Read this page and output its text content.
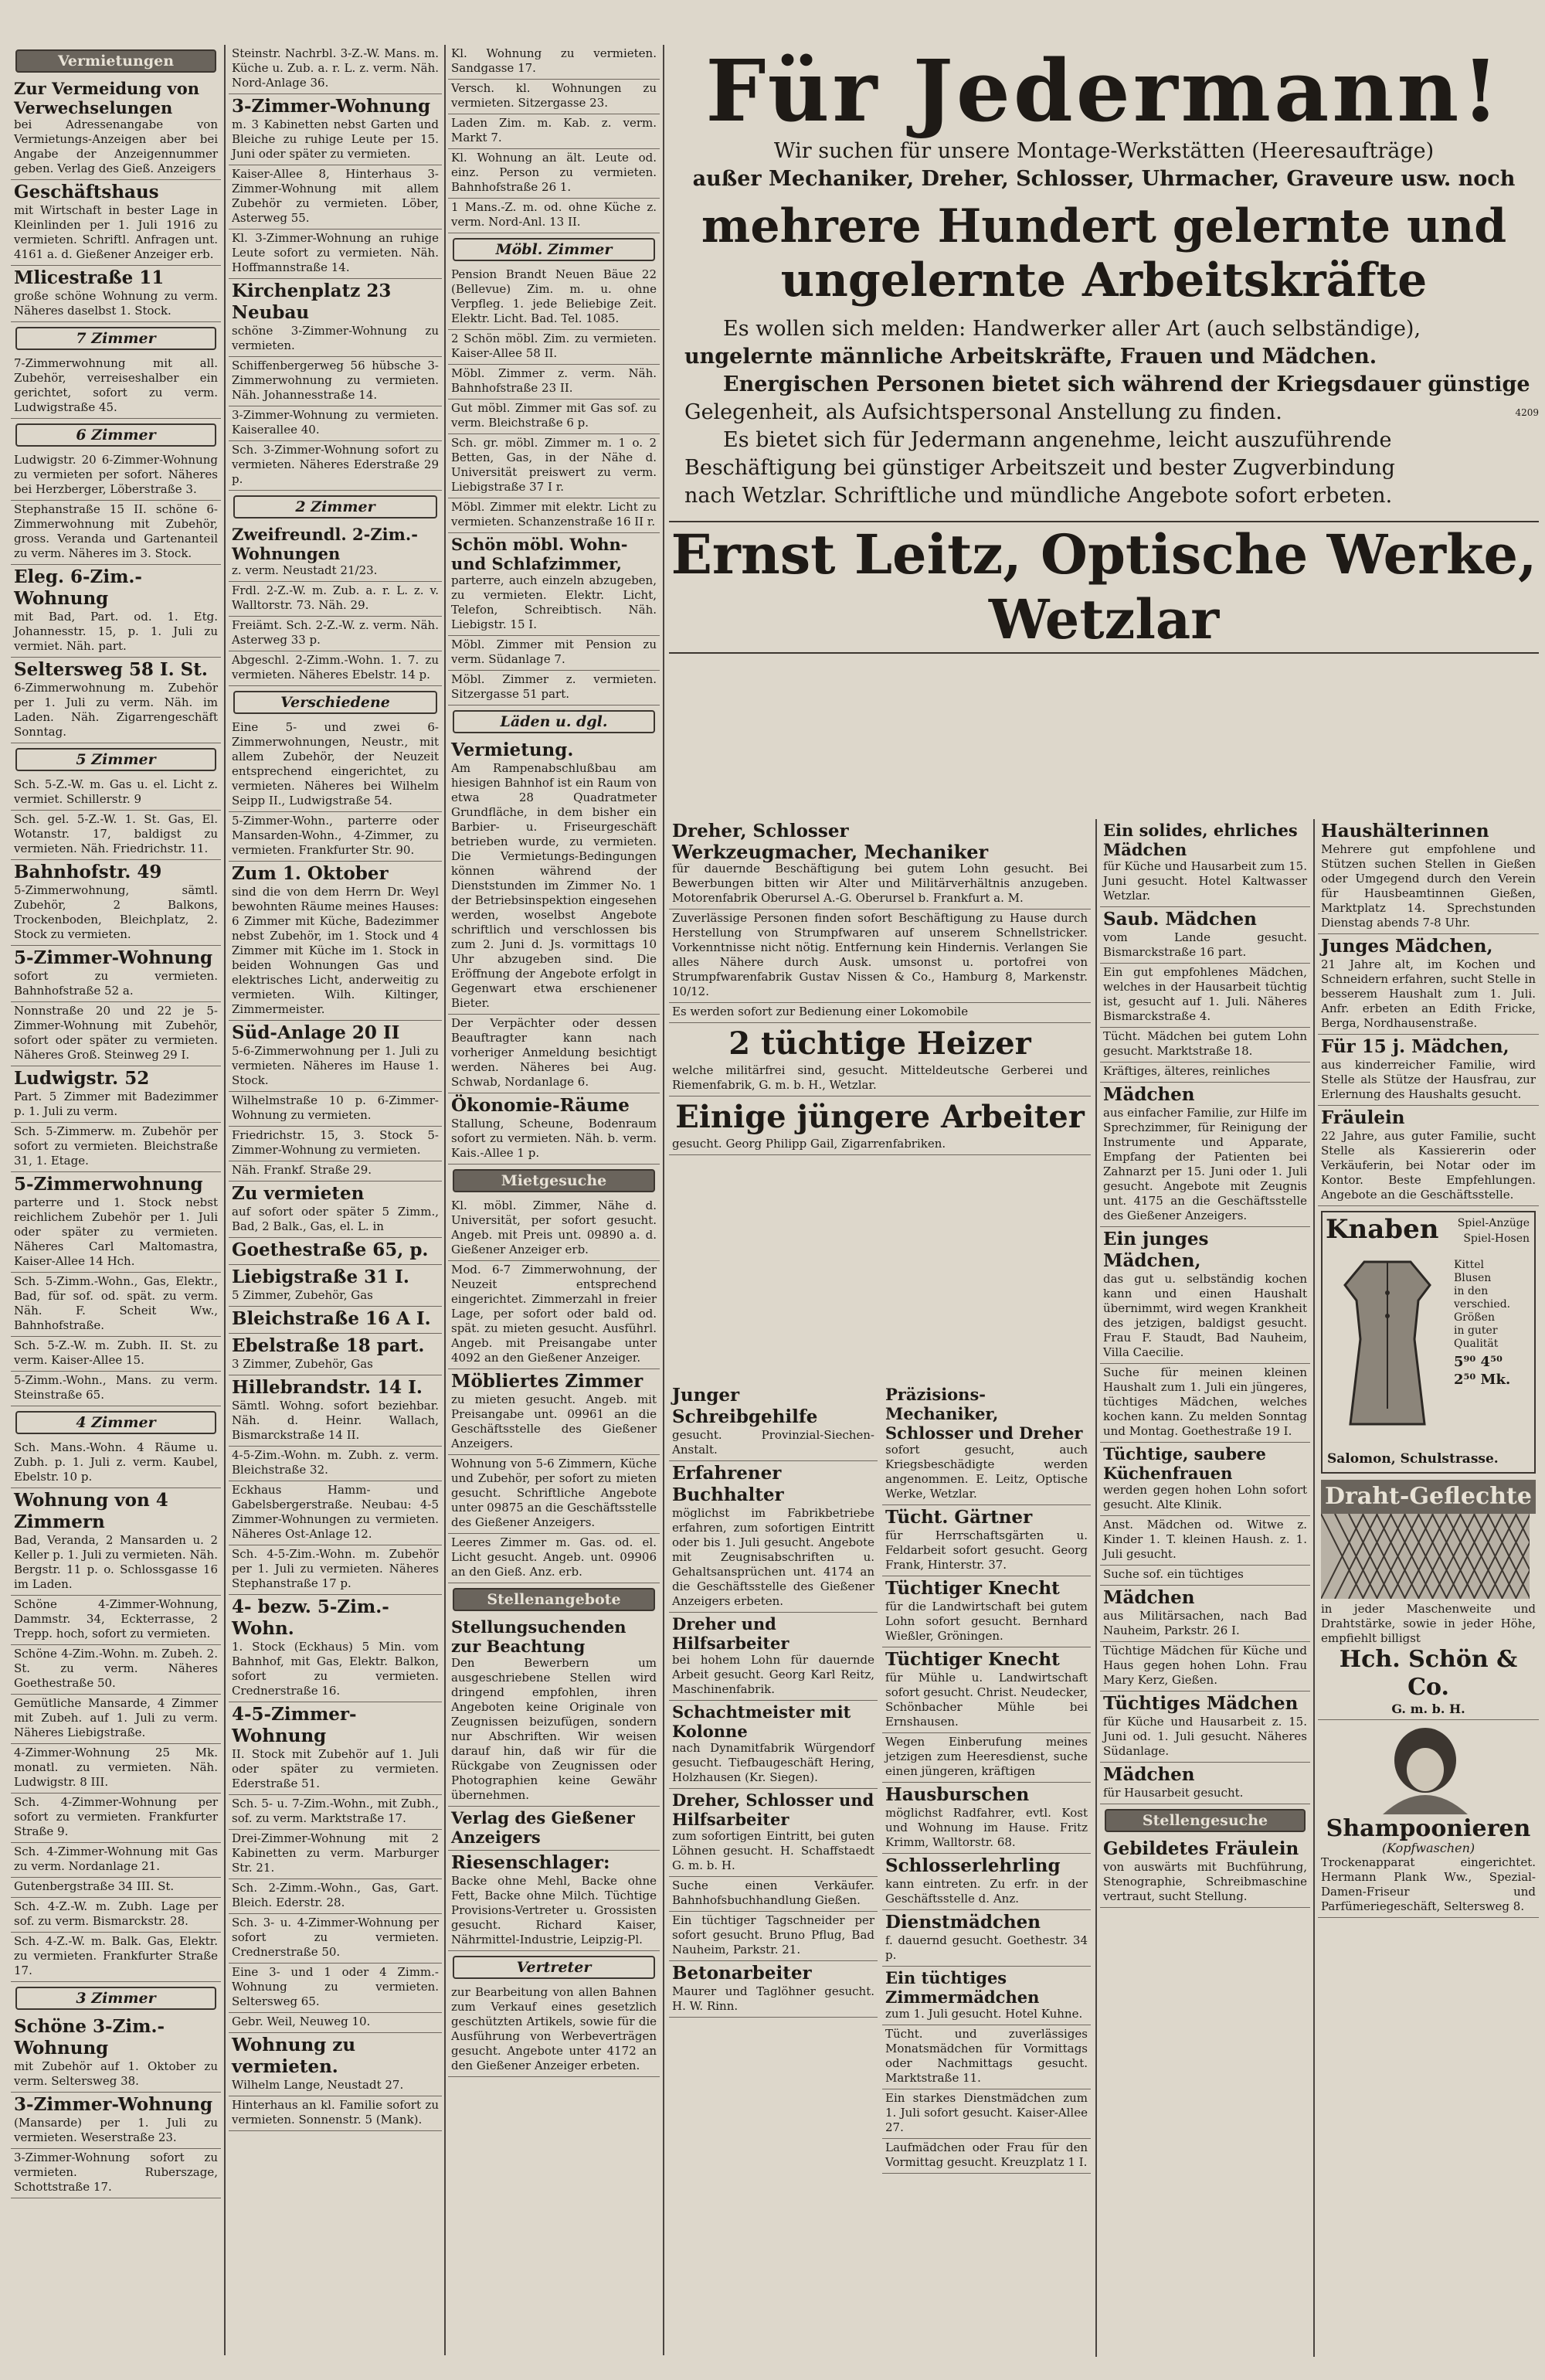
Vermietungen
Zur Vermeidung von Verwechselungen
bei Adressenangabe von Vermietungs-Anzeigen aber bei Angabe der Anzeigennummer geben. Verlag des Gieß. Anzeigers
Geschäftshaus
mit Wirtschaft in bester Lage in Kleinlinden per 1. Juli 1916 zu vermieten. Schriftl. Anfragen unt. 4161 a. d. Gießener Anzeiger erb.
Mlicestraße 11
große schöne Wohnung zu verm. Näheres daselbst 1. Stock.
7 Zimmer
7-Zimmerwohnung mit all. Zubehör, verreiseshalber ein gerichtet, sofort zu verm. Ludwigstraße 45.
6 Zimmer
Ludwigstr. 20 6-Zimmer-Wohnung zu vermieten per sofort. Näheres bei Herzberger, Löberstraße 3.
Stephanstraße 15 II. schöne 6-Zimmerwohnung mit Zubehör, gross. Veranda und Gartenanteil zu verm. Näheres im 3. Stock.
Eleg. 6-Zim.-Wohnung
mit Bad, Part. od. 1. Etg. Johannesstr. 15, p. 1. Juli zu vermiet. Näh. part.
Seltersweg 58 I. St.
6-Zimmerwohnung m. Zubehör per 1. Juli zu verm. Näh. im Laden. Näh. Zigarrengeschäft Sonntag.
5 Zimmer
Sch. 5-Z.-W. m. Gas u. el. Licht z. vermiet. Schillerstr. 9
Sch. gel. 5-Z.-W. 1. St. Gas, El. Wotanstr. 17, baldigst zu vermieten. Näh. Friedrichstr. 11.
Bahnhofstr. 49
5-Zimmerwohnung, sämtl. Zubehör, 2 Balkons, Trockenboden, Bleichplatz, 2. Stock zu vermieten.
5-Zimmer-Wohnung
sofort zu vermieten. Bahnhofstraße 52 a.
Nonnstraße 20 und 22 je 5-Zimmer-Wohnung mit Zubehör, sofort oder später zu vermieten. Näheres Groß. Steinweg 29 I.
Ludwigstr. 52
Part. 5 Zimmer mit Badezimmer p. 1. Juli zu verm.
Sch. 5-Zimmerw. m. Zubehör per sofort zu vermieten. Bleichstraße 31, 1. Etage.
5-Zimmerwohnung
parterre und 1. Stock nebst reichlichem Zubehör per 1. Juli oder später zu vermieten. Näheres Carl Maltomastra, Kaiser-Allee 14 Hch.
Sch. 5-Zimm.-Wohn., Gas, Elektr., Bad, für sof. od. spät. zu verm. Näh. F. Scheit Ww., Bahnhofstraße.
Sch. 5-Z.-W. m. Zubh. II. St. zu verm. Kaiser-Allee 15.
5-Zimm.-Wohn., Mans. zu verm. Steinstraße 65.
4 Zimmer
Sch. Mans.-Wohn. 4 Räume u. Zubh. p. 1. Juli z. verm. Kaubel, Ebelstr. 10 p.
Wohnung von 4 Zimmern
Bad, Veranda, 2 Mansarden u. 2 Keller p. 1. Juli zu vermieten. Näh. Bergstr. 11 p. o. Schlossgasse 16 im Laden.
Schöne 4-Zimmer-Wohnung, Dammstr. 34, Eckterrasse, 2 Trepp. hoch, sofort zu vermieten.
Schöne 4-Zim.-Wohn. m. Zubeh. 2. St. zu verm. Näheres Goethestraße 50.
Gemütliche Mansarde, 4 Zimmer mit Zubeh. auf 1. Juli zu verm. Näheres Liebigstraße.
4-Zimmer-Wohnung 25 Mk. monatl. zu vermieten. Näh. Ludwigstr. 8 III.
Sch. 4-Zimmer-Wohnung per sofort zu vermieten. Frankfurter Straße 9.
Sch. 4-Zimmer-Wohnung mit Gas zu verm. Nordanlage 21.
Gutenbergstraße 34 III. St.
Sch. 4-Z.-W. m. Zubh. Lage per sof. zu verm. Bismarckstr. 28.
Sch. 4-Z.-W. m. Balk. Gas, Elektr. zu vermieten. Frankfurter Straße 17.
3 Zimmer
Schöne 3-Zim.-Wohnung
mit Zubehör auf 1. Oktober zu verm. Seltersweg 38.
3-Zimmer-Wohnung
(Mansarde) per 1. Juli zu vermieten. Weserstraße 23.
3-Zimmer-Wohnung sofort zu vermieten. Ruberszage, Schottstraße 17.
Steinstr. Nachrbl. 3-Z.-W. Mans. m. Küche u. Zub. a. r. L. z. verm. Näh. Nord-Anlage 36.
3-Zimmer-Wohnung
m. 3 Kabinetten nebst Garten und Bleiche zu ruhige Leute per 15. Juni oder später zu vermieten.
Kaiser-Allee 8, Hinterhaus 3-Zimmer-Wohnung mit allem Zubehör zu vermieten. Löber, Asterweg 55.
Kl. 3-Zimmer-Wohnung an ruhige Leute sofort zu vermieten. Näh. Hoffmannstraße 14.
Kirchenplatz 23 Neubau
schöne 3-Zimmer-Wohnung zu vermieten.
Schiffenbergerweg 56 hübsche 3-Zimmerwohnung zu vermieten. Näh. Johannesstraße 14.
3-Zimmer-Wohnung zu vermieten. Kaiserallee 40.
Sch. 3-Zimmer-Wohnung sofort zu vermieten. Näheres Ederstraße 29 p.
2 Zimmer
Zweifreundl. 2-Zim.-Wohnungen
z. verm. Neustadt 21/23.
Frdl. 2-Z.-W. m. Zub. a. r. L. z. v. Walltorstr. 73. Näh. 29.
Freiämt. Sch. 2-Z.-W. z. verm. Näh. Asterweg 33 p.
Abgeschl. 2-Zimm.-Wohn. 1. 7. zu vermieten. Näheres Ebelstr. 14 p.
Verschiedene
Eine 5- und zwei 6-Zimmerwohnungen, Neustr., mit allem Zubehör, der Neuzeit entsprechend eingerichtet, zu vermieten. Näheres bei Wilhelm Seipp II., Ludwigstraße 54.
5-Zimmer-Wohn., parterre oder Mansarden-Wohn., 4-Zimmer, zu vermieten. Frankfurter Str. 90.
Zum 1. Oktober
sind die von dem Herrn Dr. Weyl bewohnten Räume meines Hauses: 6 Zimmer mit Küche, Badezimmer nebst Zubehör, im 1. Stock und 4 Zimmer mit Küche im 1. Stock in beiden Wohnungen Gas und elektrisches Licht, anderweitig zu vermieten. Wilh. Kiltinger, Zimmermeister.
Süd-Anlage 20 II
5-6-Zimmerwohnung per 1. Juli zu vermieten. Näheres im Hause 1. Stock.
Wilhelmstraße 10 p. 6-Zimmer-Wohnung zu vermieten.
Friedrichstr. 15, 3. Stock 5-Zimmer-Wohnung zu vermieten.
Näh. Frankf. Straße 29.
Zu vermieten
auf sofort oder später 5 Zimm., Bad, 2 Balk., Gas, el. L. in
Goethestraße 65, p.
Liebigstraße 31 I.
5 Zimmer, Zubehör, Gas
Bleichstraße 16 A I.
Ebelstraße 18 part.
3 Zimmer, Zubehör, Gas
Hillebrandstr. 14 I.
Sämtl. Wohng. sofort beziehbar. Näh. d. Heinr. Wallach, Bismarckstraße 14 II.
4-5-Zim.-Wohn. m. Zubh. z. verm. Bleichstraße 32.
Eckhaus Hamm- und Gabelsbergerstraße. Neubau: 4-5 Zimmer-Wohnungen zu vermieten. Näheres Ost-Anlage 12.
Sch. 4-5-Zim.-Wohn. m. Zubehör per 1. Juli zu vermieten. Näheres Stephanstraße 17 p.
4- bezw. 5-Zim.-Wohn.
1. Stock (Eckhaus) 5 Min. vom Bahnhof, mit Gas, Elektr. Balkon, sofort zu vermieten. Crednerstraße 16.
4-5-Zimmer-Wohnung
II. Stock mit Zubehör auf 1. Juli oder später zu vermieten. Ederstraße 51.
Sch. 5- u. 7-Zim.-Wohn., mit Zubh., sof. zu verm. Marktstraße 17.
Drei-Zimmer-Wohnung mit 2 Kabinetten zu verm. Marburger Str. 21.
Sch. 2-Zimm.-Wohn., Gas, Gart. Bleich. Ederstr. 28.
Sch. 3- u. 4-Zimmer-Wohnung per sofort zu vermieten. Crednerstraße 50.
Eine 3- und 1 oder 4 Zimm.-Wohnung zu vermieten. Seltersweg 65.
Gebr. Weil, Neuweg 10.
Wohnung zu vermieten.
Wilhelm Lange, Neustadt 27.
Hinterhaus an kl. Familie sofort zu vermieten. Sonnenstr. 5 (Mank).
Kl. Wohnung zu vermieten. Sandgasse 17.
Versch. kl. Wohnungen zu vermieten. Sitzergasse 23.
Laden Zim. m. Kab. z. verm. Markt 7.
Kl. Wohnung an ält. Leute od. einz. Person zu vermieten. Bahnhofstraße 26 1.
1 Mans.-Z. m. od. ohne Küche z. verm. Nord-Anl. 13 II.
Möbl. Zimmer
Pension Brandt Neuen Bäue 22 (Bellevue) Zim. m. u. ohne Verpfleg. 1. jede Beliebige Zeit. Elektr. Licht. Bad. Tel. 1085.
2 Schön möbl. Zim. zu vermieten. Kaiser-Allee 58 II.
Möbl. Zimmer z. verm. Näh. Bahnhofstraße 23 II.
Gut möbl. Zimmer mit Gas sof. zu verm. Bleichstraße 6 p.
Sch. gr. möbl. Zimmer m. 1 o. 2 Betten, Gas, in der Nähe d. Universität preiswert zu verm. Liebigstraße 37 I r.
Möbl. Zimmer mit elektr. Licht zu vermieten. Schanzenstraße 16 II r.
Schön möbl. Wohn- und Schlafzimmer,
parterre, auch einzeln abzugeben, zu vermieten. Elektr. Licht, Telefon, Schreibtisch. Näh. Liebigstr. 15 I.
Möbl. Zimmer mit Pension zu verm. Südanlage 7.
Möbl. Zimmer z. vermieten. Sitzergasse 51 part.
Läden u. dgl.
Vermietung.
Am Rampenabschlußbau am hiesigen Bahnhof ist ein Raum von etwa 28 Quadratmeter Grundfläche, in dem bisher ein Barbier- u. Friseurgeschäft betrieben wurde, zu vermieten. Die Vermietungs-Bedingungen können während der Dienststunden im Zimmer No. 1 der Betriebsinspektion eingesehen werden, woselbst Angebote schriftlich und verschlossen bis zum 2. Juni d. Js. vormittags 10 Uhr abzugeben sind. Die Eröffnung der Angebote erfolgt in Gegenwart etwa erschienener Bieter.
Der Verpächter oder dessen Beauftragter kann nach vorheriger Anmeldung besichtigt werden. Näheres bei Aug. Schwab, Nordanlage 6.
Ökonomie-Räume
Stallung, Scheune, Bodenraum sofort zu vermieten. Näh. b. verm. Kais.-Allee 1 p.
Mietgesuche
Kl. möbl. Zimmer, Nähe d. Universität, per sofort gesucht. Angeb. mit Preis unt. 09890 a. d. Gießener Anzeiger erb.
Mod. 6-7 Zimmerwohnung, der Neuzeit entsprechend eingerichtet. Zimmerzahl in freier Lage, per sofort oder bald od. spät. zu mieten gesucht. Ausführl. Angeb. mit Preisangabe unter 4092 an den Gießener Anzeiger.
Möbliertes Zimmer
zu mieten gesucht. Angeb. mit Preisangabe unt. 09961 an die Geschäftsstelle des Gießener Anzeigers.
Wohnung von 5-6 Zimmern, Küche und Zubehör, per sofort zu mieten gesucht. Schriftliche Angebote unter 09875 an die Geschäftsstelle des Gießener Anzeigers.
Leeres Zimmer m. Gas. od. el. Licht gesucht. Angeb. unt. 09906 an den Gieß. Anz. erb.
Stellenangebote
Stellungsuchenden zur Beachtung
Den Bewerbern um ausgeschriebene Stellen wird dringend empfohlen, ihren Angeboten keine Originale von Zeugnissen beizufügen, sondern nur Abschriften. Wir weisen darauf hin, daß wir für die Rückgabe von Zeugnissen oder Photographien keine Gewähr übernehmen.
Verlag des Gießener Anzeigers
Riesenschlager:
Backe ohne Mehl, Backe ohne Fett, Backe ohne Milch. Tüchtige Provisions-Vertreter u. Grossisten gesucht. Richard Kaiser, Nährmittel-Industrie, Leipzig-Pl.
Vertreter
zur Bearbeitung von allen Bahnen zum Verkauf eines gesetzlich geschützten Artikels, sowie für die Ausführung von Werbeverträgen gesucht. Angebote unter 4172 an den Gießener Anzeiger erbeten.
Für Jedermann!
Wir suchen für unsere Montage-Werkstätten (Heeresaufträge)
außer Mechaniker, Dreher, Schlosser, Uhrmacher, Graveure usw. noch
mehrere Hundert gelernte und
ungelernte Arbeitskräfte
Es wollen sich melden: Handwerker aller Art (auch selbständige),
ungelernte männliche Arbeitskräfte, Frauen und Mädchen.
Energischen Personen bietet sich während der Kriegsdauer günstige
Gelegenheit, als Aufsichtspersonal Anstellung zu finden.	4209
Es bietet sich für Jedermann angenehme, leicht auszuführende
Beschäftigung bei günstiger Arbeitszeit und bester Zugverbindung
nach Wetzlar. Schriftliche und mündliche Angebote sofort erbeten.
Ernst Leitz, Optische Werke, Wetzlar
Dreher, Schlosser
Werkzeugmacher, Mechaniker
für dauernde Beschäftigung bei gutem Lohn gesucht. Bei Bewerbungen bitten wir Alter und Militärverhältnis anzugeben. Motorenfabrik Oberursel A.-G. Oberursel b. Frankfurt a. M.
Zuverlässige Personen finden sofort Beschäftigung zu Hause durch Herstellung von Strumpfwaren auf unserem Schnellstricker. Vorkenntnisse nicht nötig. Entfernung kein Hindernis. Verlangen Sie alles Nähere durch Ausk. umsonst u. portofrei von Strumpfwarenfabrik Gustav Nissen & Co., Hamburg 8, Markenstr. 10/12.
Es werden sofort zur Bedienung einer Lokomobile
2 tüchtige Heizer
welche militärfrei sind, gesucht. Mitteldeutsche Gerberei und Riemenfabrik, G. m. b. H., Wetzlar.
Einige jüngere Arbeiter
gesucht. Georg Philipp Gail, Zigarrenfabriken.
Junger Schreibgehilfe
gesucht. Provinzial-Siechen-Anstalt.
Erfahrener Buchhalter
möglichst im Fabrikbetriebe erfahren, zum sofortigen Eintritt oder bis 1. Juli gesucht. Angebote mit Zeugnisabschriften u. Gehaltsansprüchen unt. 4174 an die Geschäftsstelle des Gießener Anzeigers erbeten.
Dreher und Hilfsarbeiter
bei hohem Lohn für dauernde Arbeit gesucht. Georg Karl Reitz, Maschinenfabrik.
Schachtmeister mit Kolonne
nach Dynamitfabrik Würgendorf gesucht. Tiefbaugeschäft Hering, Holzhausen (Kr. Siegen).
Dreher, Schlosser und Hilfsarbeiter
zum sofortigen Eintritt, bei guten Löhnen gesucht. H. Schaffstaedt G. m. b. H.
Suche einen Verkäufer. Bahnhofsbuchhandlung Gießen.
Ein tüchtiger Tagschneider per sofort gesucht. Bruno Pflug, Bad Nauheim, Parkstr. 21.
Betonarbeiter
Maurer und Taglöhner gesucht. H. W. Rinn.
Präzisions-Mechaniker, Schlosser und Dreher
sofort gesucht, auch Kriegsbeschädigte werden angenommen. E. Leitz, Optische Werke, Wetzlar.
Tücht. Gärtner
für Herrschaftsgärten u. Feldarbeit sofort gesucht. Georg Frank, Hinterstr. 37.
Tüchtiger Knecht
für die Landwirtschaft bei gutem Lohn sofort gesucht. Bernhard Wießler, Gröningen.
Tüchtiger Knecht
für Mühle u. Landwirtschaft sofort gesucht. Christ. Neudecker, Schönbacher Mühle bei Ernshausen.
Wegen Einberufung meines jetzigen zum Heeresdienst, suche einen jüngeren, kräftigen
Hausburschen
möglichst Radfahrer, evtl. Kost und Wohnung im Hause. Fritz Krimm, Walltorstr. 68.
Schlosserlehrling
kann eintreten. Zu erfr. in der Geschäftsstelle d. Anz.
Dienstmädchen
f. dauernd gesucht. Goethestr. 34 p.
Ein tüchtiges Zimmermädchen
zum 1. Juli gesucht. Hotel Kuhne.
Tücht. und zuverlässiges Monatsmädchen für Vormittags oder Nachmittags gesucht. Marktstraße 11.
Ein starkes Dienstmädchen zum 1. Juli sofort gesucht. Kaiser-Allee 27.
Laufmädchen oder Frau für den Vormittag gesucht. Kreuzplatz 1 I.
Ein solides, ehrliches Mädchen
für Küche und Hausarbeit zum 15. Juni gesucht. Hotel Kaltwasser Wetzlar.
Saub. Mädchen
vom Lande gesucht. Bismarckstraße 16 part.
Ein gut empfohlenes Mädchen, welches in der Hausarbeit tüchtig ist, gesucht auf 1. Juli. Näheres Bismarckstraße 4.
Tücht. Mädchen bei gutem Lohn gesucht. Marktstraße 18.
Kräftiges, älteres, reinliches
Mädchen
aus einfacher Familie, zur Hilfe im Sprechzimmer, für Reinigung der Instrumente und Apparate, Empfang der Patienten bei Zahnarzt per 15. Juni oder 1. Juli gesucht. Angebote mit Zeugnis unt. 4175 an die Geschäftsstelle des Gießener Anzeigers.
Ein junges Mädchen,
das gut u. selbständig kochen kann und einen Haushalt übernimmt, wird wegen Krankheit des jetzigen, baldigst gesucht. Frau F. Staudt, Bad Nauheim, Villa Caecilie.
Suche für meinen kleinen Haushalt zum 1. Juli ein jüngeres, tüchtiges Mädchen, welches kochen kann. Zu melden Sonntag und Montag. Goethestraße 19 I.
Tüchtige, saubere Küchenfrauen
werden gegen hohen Lohn sofort gesucht. Alte Klinik.
Anst. Mädchen od. Witwe z. Kinder 1. T. kleinen Haush. z. 1. Juli gesucht.
Suche sof. ein tüchtiges
Mädchen
aus Militärsachen, nach Bad Nauheim, Parkstr. 26 I.
Tüchtige Mädchen für Küche und Haus gegen hohen Lohn. Frau Mary Kerz, Gießen.
Tüchtiges Mädchen
für Küche und Hausarbeit z. 15. Juni od. 1. Juli gesucht. Näheres Südanlage.
Mädchen
für Hausarbeit gesucht.
Stellengesuche
Gebildetes Fräulein
von auswärts mit Buchführung, Stenographie, Schreibmaschine vertraut, sucht Stellung.
Haushälterinnen
Mehrere gut empfohlene und Stützen suchen Stellen in Gießen oder Umgegend durch den Verein für Hausbeamtinnen Gießen, Marktplatz 14. Sprechstunden Dienstag abends 7-8 Uhr.
Junges Mädchen,
21 Jahre alt, im Kochen und Schneidern erfahren, sucht Stelle in besserem Haushalt zum 1. Juli. Anfr. erbeten an Edith Fricke, Berga, Nordhausenstraße.
Für 15 j. Mädchen,
aus kinderreicher Familie, wird Stelle als Stütze der Hausfrau, zur Erlernung des Haushalts gesucht.
Fräulein
22 Jahre, aus guter Familie, sucht Stelle als Kassiererin oder Verkäuferin, bei Notar oder im Kontor. Beste Empfehlungen. Angebote an die Geschäftsstelle.
Knaben	Spiel-Anzüge
Spiel-Hosen
Kittel
Blusen
in den verschied. Größen
in guter Qualität
5⁹⁰ 4⁵⁰
2⁵⁰ Mk.
Salomon, Schulstrasse.
Draht-Geflechte
in jeder Maschenweite und Drahtstärke, sowie in jeder Höhe, empfiehlt billigst
Hch. Schön & Co.
G. m. b. H.
Shampoonieren
(Kopfwaschen)
Trockenapparat eingerichtet. Hermann Plank Ww., Spezial-Damen-Friseur und Parfümeriegeschäft, Seltersweg 8.
